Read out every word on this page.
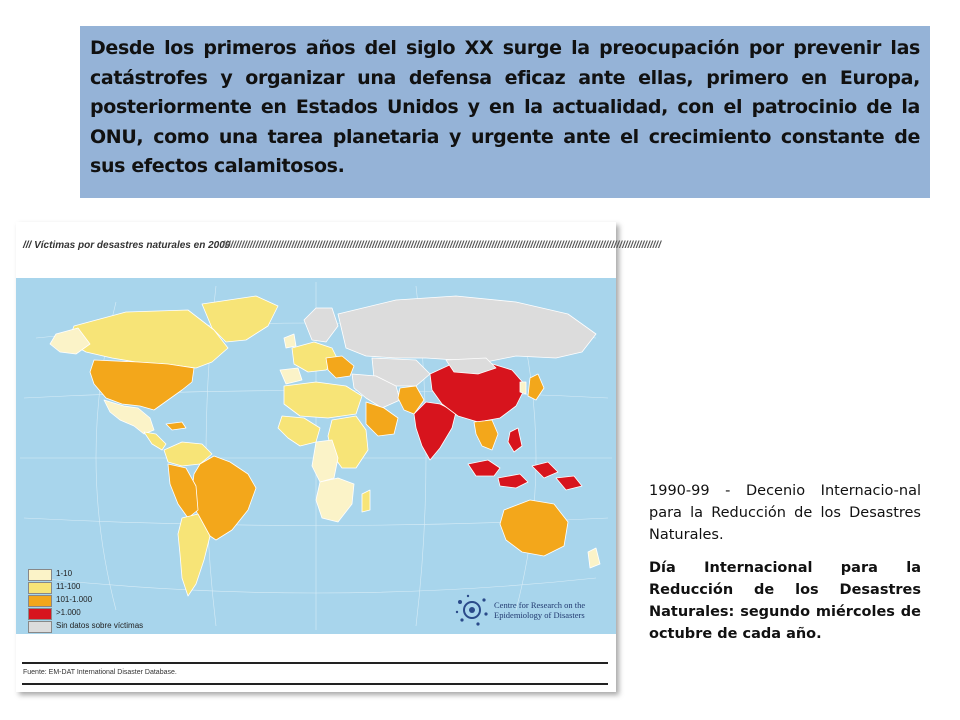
Desde los primeros años del siglo XX surge la preocupación por prevenir las catástrofes y organizar una defensa eficaz ante ellas, primero en Europa, posteriormente en Estados Unidos y en la actualidad, con el patrocinio de la ONU, como una tarea planetaria y urgente ante el crecimiento constante de sus efectos calamitosos.

/// Víctimas por desastres naturales en 2009
//////////////////////////////////////////////////////////////////////////////////////////////////////////////////////////////////////////////////////////////
1-10
11-100
101-1.000
>1.000
Sin datos sobre víctimas
Centre for Research on the
Epidemiology of Disasters
Fuente: EM-DAT International Disaster Database.

1990-99 - Decenio Internacio-nal para la Reducción de los Desastres Naturales.

Día Internacional para la Reducción de los Desastres Naturales: segundo miércoles de octubre de cada año.
